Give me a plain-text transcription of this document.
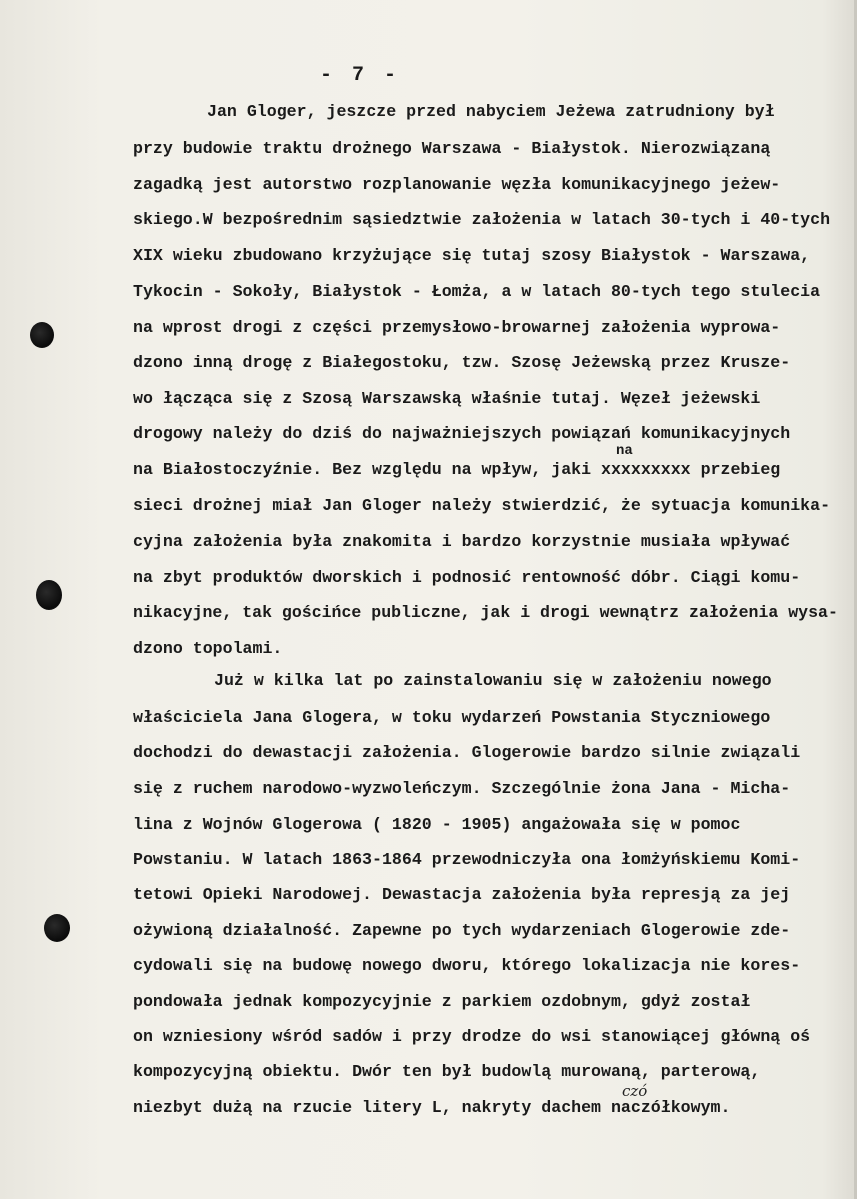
- 7 -
na
czó
Jan Gloger, jeszcze przed nabyciem Jeżewa zatrudniony był
przy budowie traktu drożnego Warszawa - Białystok. Nierozwiązaną
zagadką jest autorstwo rozplanowanie węzła komunikacyjnego jeżew-
skiego.W bezpośrednim sąsiedztwie założenia w latach 30-tych i 40-tych
XIX wieku zbudowano krzyżujące się tutaj szosy Białystok - Warszawa,
Tykocin - Sokoły, Białystok - Łomża, a w latach 80-tych tego stulecia
na wprost drogi z części przemysłowo-browarnej założenia wyprowa-
dzono inną drogę z Białegostoku, tzw. Szosę Jeżewską przez Krusze-
wo łącząca się z Szosą Warszawską właśnie tutaj. Węzeł jeżewski
drogowy należy do dziś do najważniejszych powiązań komunikacyjnych
na Białostoczyźnie. Bez względu na wpływ, jaki xxxxxxxxx przebieg
sieci drożnej miał Jan Gloger należy stwierdzić, że sytuacja komunika-
cyjna założenia była znakomita i bardzo korzystnie musiała wpływać
na zbyt produktów dworskich i podnosić rentowność dóbr. Ciągi komu-
nikacyjne, tak gościńce publiczne, jak i drogi wewnątrz założenia wysa-
dzono topolami.
Już w kilka lat po zainstalowaniu się w założeniu nowego
właściciela Jana Glogera, w toku wydarzeń Powstania Styczniowego
dochodzi do dewastacji założenia. Glogerowie bardzo silnie związali
się z ruchem narodowo-wyzwoleńczym. Szczególnie żona Jana - Micha-
lina z Wojnów Glogerowa ( 1820 - 1905) angażowała się w pomoc
Powstaniu. W latach 1863-1864 przewodniczyła ona łomżyńskiemu Komi-
tetowi Opieki Narodowej. Dewastacja założenia była represją za jej
ożywioną działalność. Zapewne po tych wydarzeniach Glogerowie zde-
cydowali się na budowę nowego dworu, którego lokalizacja nie kores-
pondowała jednak kompozycyjnie z parkiem ozdobnym, gdyż został
on wzniesiony wśród sadów i przy drodze do wsi stanowiącej główną oś
kompozycyjną obiektu. Dwór ten był budowlą murowaną, parterową,
niezbyt dużą na rzucie litery L, nakryty dachem naczółkowym.
